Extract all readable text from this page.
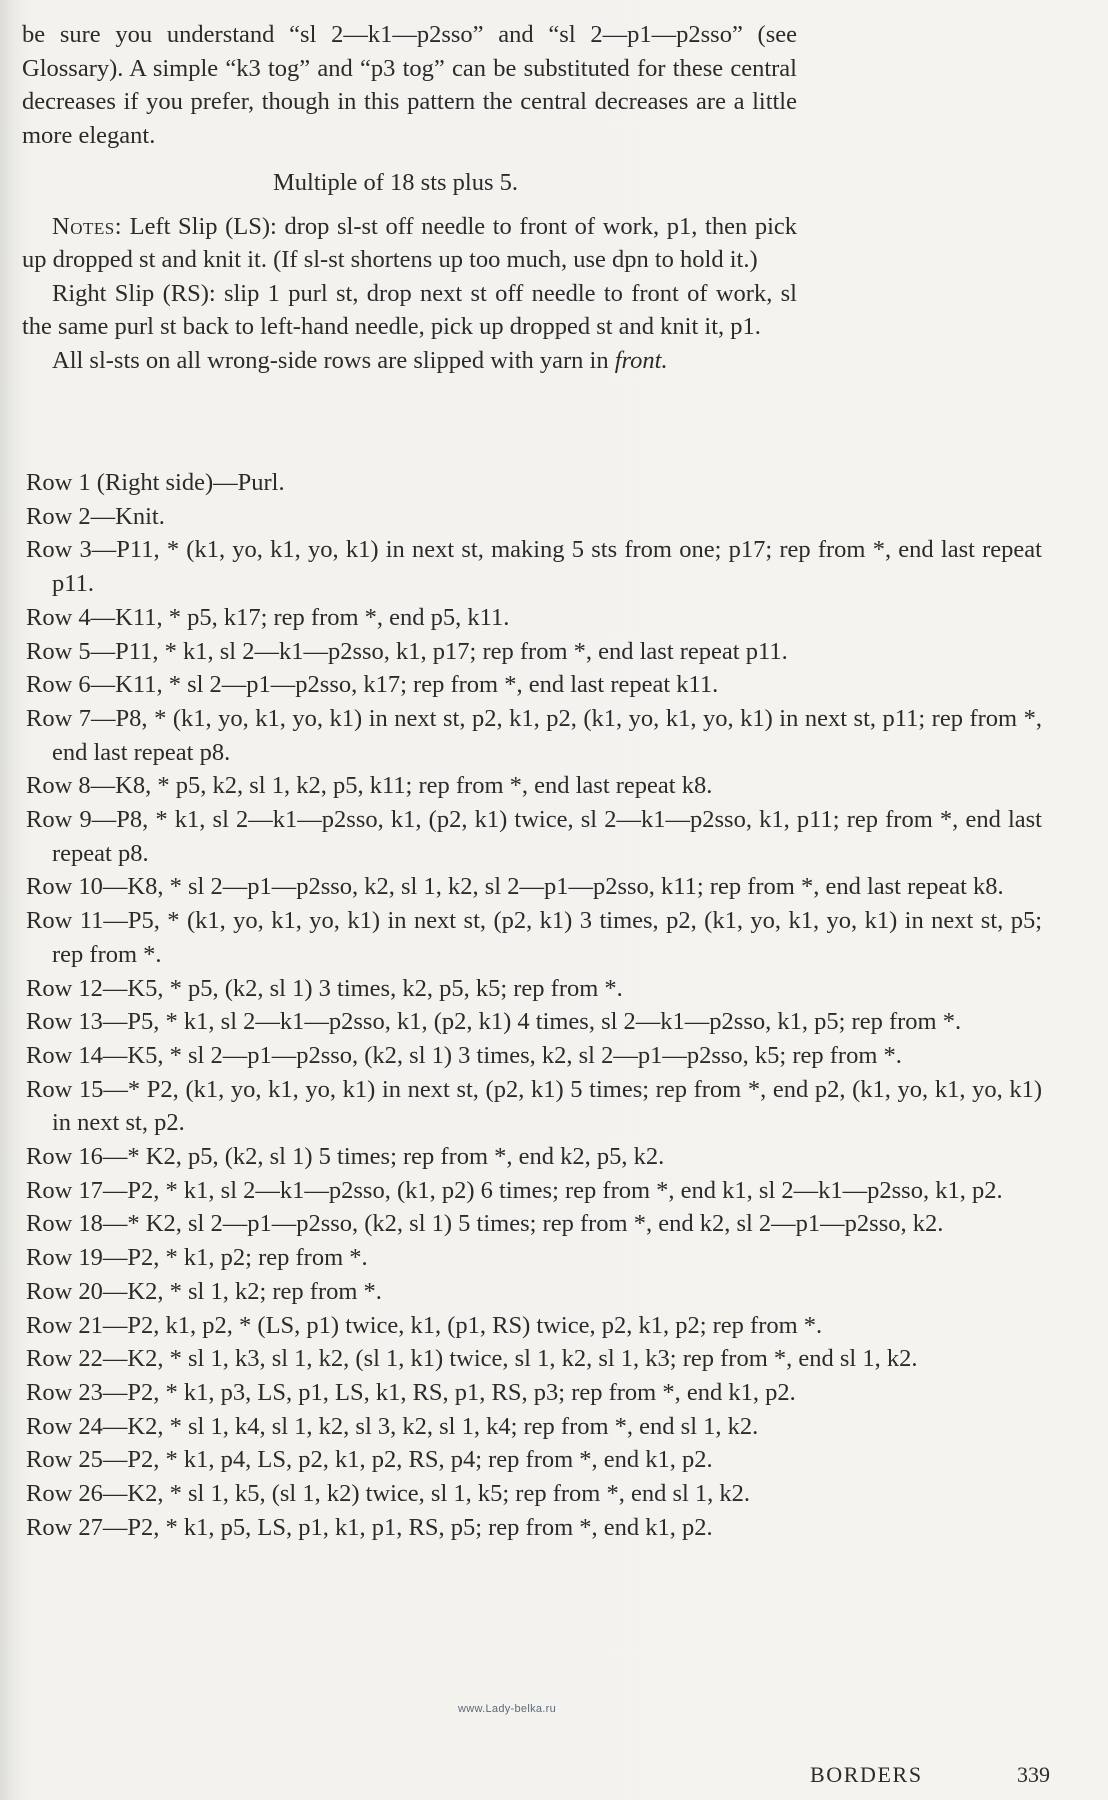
be sure you understand “sl 2—k1—p2sso” and “sl 2—p1—p2sso” (see Glossary). A simple “k3 tog” and “p3 tog” can be substituted for these central decreases if you prefer, though in this pattern the central decreases are a little more elegant.

Multiple of 18 sts plus 5.

Notes: Left Slip (LS): drop sl-st off needle to front of work, p1, then pick up dropped st and knit it. (If sl-st shortens up too much, use dpn to hold it.)

Right Slip (RS): slip 1 purl st, drop next st off needle to front of work, sl the same purl st back to left-hand needle, pick up dropped st and knit it, p1.

All sl-sts on all wrong-side rows are slipped with yarn in front.

Row 1 (Right side)—Purl.

Row 2—Knit.

Row 3—P11, * (k1, yo, k1, yo, k1) in next st, making 5 sts from one; p17; rep from *, end last repeat p11.

Row 4—K11, * p5, k17; rep from *, end p5, k11.

Row 5—P11, * k1, sl 2—k1—p2sso, k1, p17; rep from *, end last repeat p11.

Row 6—K11, * sl 2—p1—p2sso, k17; rep from *, end last repeat k11.

Row 7—P8, * (k1, yo, k1, yo, k1) in next st, p2, k1, p2, (k1, yo, k1, yo, k1) in next st, p11; rep from *, end last repeat p8.

Row 8—K8, * p5, k2, sl 1, k2, p5, k11; rep from *, end last repeat k8.

Row 9—P8, * k1, sl 2—k1—p2sso, k1, (p2, k1) twice, sl 2—k1—p2sso, k1, p11; rep from *, end last repeat p8.

Row 10—K8, * sl 2—p1—p2sso, k2, sl 1, k2, sl 2—p1—p2sso, k11; rep from *, end last repeat k8.

Row 11—P5, * (k1, yo, k1, yo, k1) in next st, (p2, k1) 3 times, p2, (k1, yo, k1, yo, k1) in next st, p5; rep from *.

Row 12—K5, * p5, (k2, sl 1) 3 times, k2, p5, k5; rep from *.

Row 13—P5, * k1, sl 2—k1—p2sso, k1, (p2, k1) 4 times, sl 2—k1—p2sso, k1, p5; rep from *.

Row 14—K5, * sl 2—p1—p2sso, (k2, sl 1) 3 times, k2, sl 2—p1—p2sso, k5; rep from *.

Row 15—* P2, (k1, yo, k1, yo, k1) in next st, (p2, k1) 5 times; rep from *, end p2, (k1, yo, k1, yo, k1) in next st, p2.

Row 16—* K2, p5, (k2, sl 1) 5 times; rep from *, end k2, p5, k2.

Row 17—P2, * k1, sl 2—k1—p2sso, (k1, p2) 6 times; rep from *, end k1, sl 2—k1—p2sso, k1, p2.

Row 18—* K2, sl 2—p1—p2sso, (k2, sl 1) 5 times; rep from *, end k2, sl 2—p1—p2sso, k2.

Row 19—P2, * k1, p2; rep from *.

Row 20—K2, * sl 1, k2; rep from *.

Row 21—P2, k1, p2, * (LS, p1) twice, k1, (p1, RS) twice, p2, k1, p2; rep from *.

Row 22—K2, * sl 1, k3, sl 1, k2, (sl 1, k1) twice, sl 1, k2, sl 1, k3; rep from *, end sl 1, k2.

Row 23—P2, * k1, p3, LS, p1, LS, k1, RS, p1, RS, p3; rep from *, end k1, p2.

Row 24—K2, * sl 1, k4, sl 1, k2, sl 3, k2, sl 1, k4; rep from *, end sl 1, k2.

Row 25—P2, * k1, p4, LS, p2, k1, p2, RS, p4; rep from *, end k1, p2.

Row 26—K2, * sl 1, k5, (sl 1, k2) twice, sl 1, k5; rep from *, end sl 1, k2.

Row 27—P2, * k1, p5, LS, p1, k1, p1, RS, p5; rep from *, end k1, p2.

www.Lady-belka.ru
BORDERS	339
